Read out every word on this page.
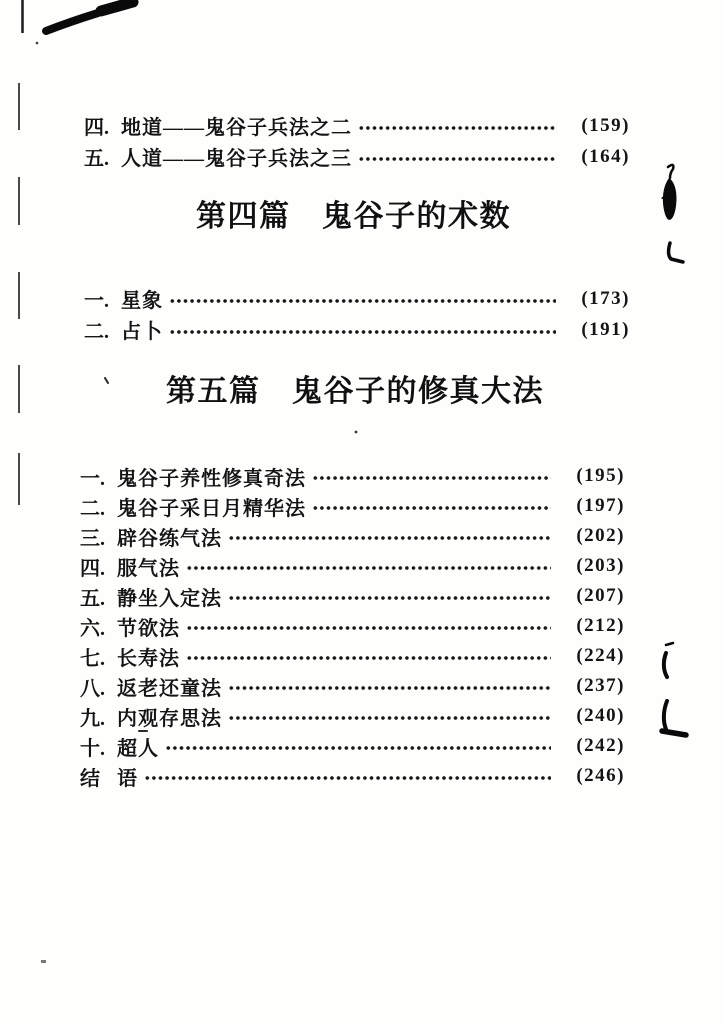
四. 地道——鬼谷子兵法之二	(159)
五. 人道——鬼谷子兵法之三	(164)
第四篇　鬼谷子的术数
一. 星象	(173)
二. 占卜	(191)
第五篇　鬼谷子的修真大法
一. 鬼谷子养性修真奇法	(195)
二. 鬼谷子采日月精华法	(197)
三. 辟谷练气法	(202)
四. 服气法	(203)
五. 静坐入定法	(207)
六. 节欲法	(212)
七. 长寿法	(224)
八. 返老还童法	(237)
九. 内观存思法	(240)
十. 超人	(242)
结 语	(246)
